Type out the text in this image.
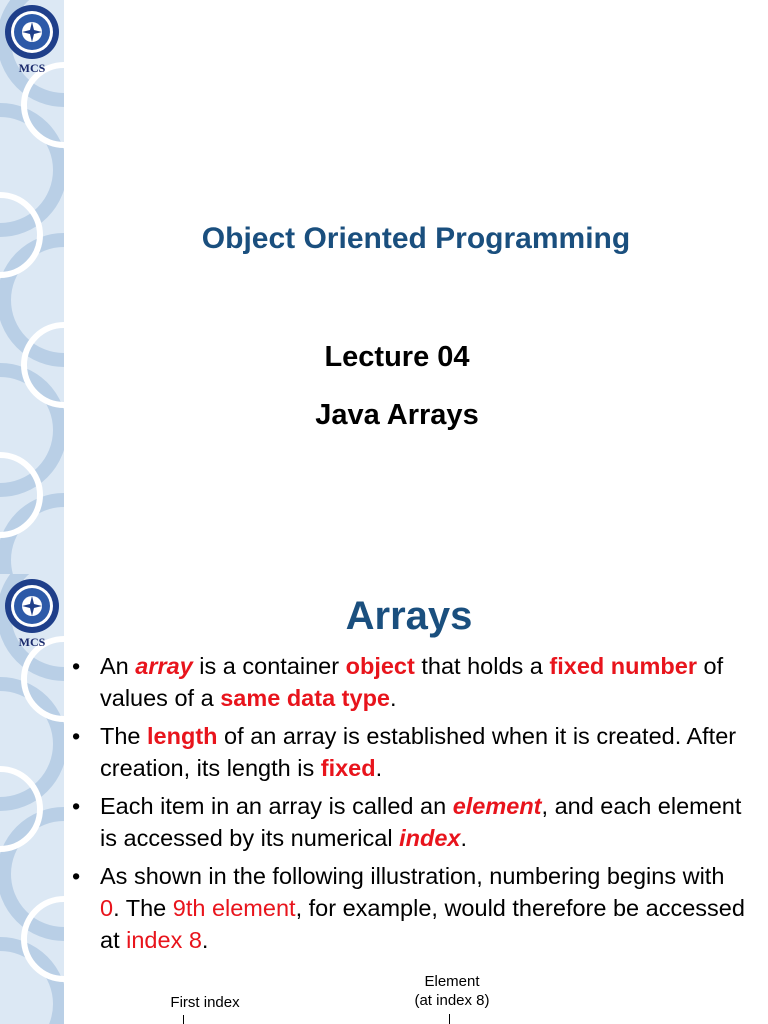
MCS
Object Oriented Programming
Lecture 04
Java Arrays
MCS
Arrays
• An array is a container object that holds a fixed number of values of a same data type.
• The length of an array is established when it is created. After creation, its length is fixed.
• Each item in an array is called an element, and each element is accessed by its numerical index.
• As shown in the following illustration, numbering begins with 0. The 9th element, for example, would therefore be accessed at index 8.
First index
Element
(at index 8)
